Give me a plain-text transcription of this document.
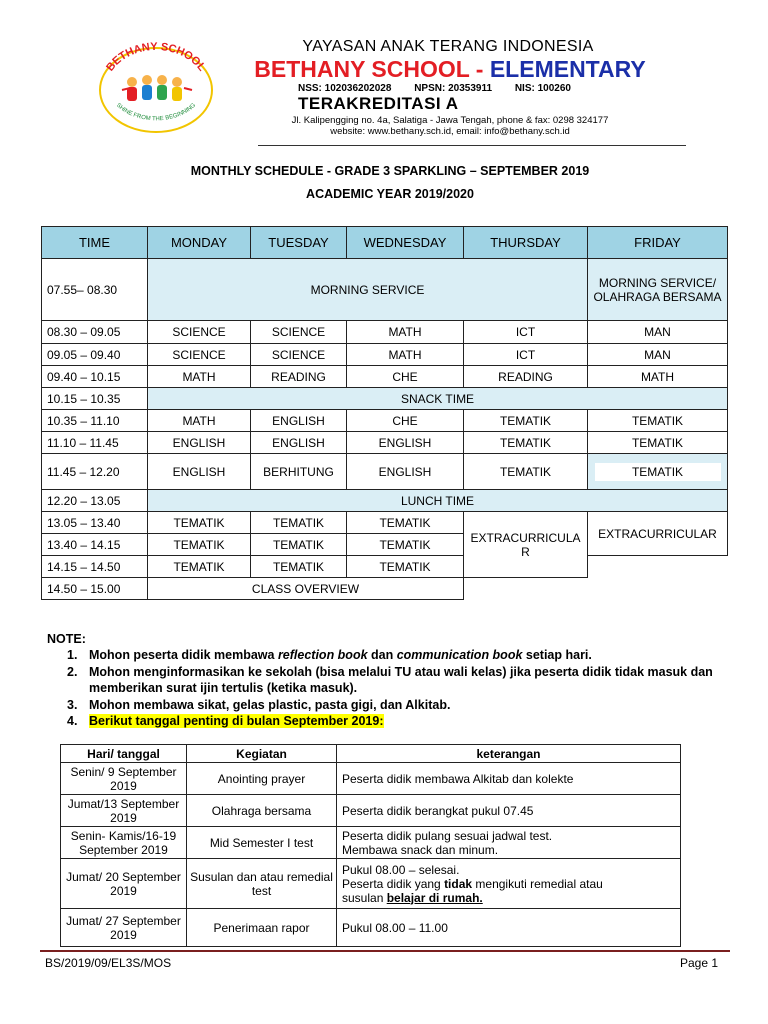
BETHANY SCHOOL
SHINE FROM THE BEGINNING
YAYASAN ANAK TERANG INDONESIA
BETHANY SCHOOL - ELEMENTARY
NSS: 102036202028 NPSN: 20353911 NIS: 100260
TERAKREDITASI A
Jl. Kalipengging no. 4a, Salatiga - Jawa Tengah, phone & fax: 0298 324177
website: www.bethany.sch.id, email: info@bethany.sch.id
MONTHLY SCHEDULE - GRADE 3 SPARKLING – SEPTEMBER 2019
ACADEMIC YEAR 2019/2020
TIME	MONDAY	TUESDAY	WEDNESDAY	THURSDAY	FRIDAY
07.55– 08.30	MORNING SERVICE				MORNING SERVICE/ OLAHRAGA BERSAMA
08.30 – 09.05	SCIENCE	SCIENCE	MATH	ICT	MAN
09.05 – 09.40	SCIENCE	SCIENCE	MATH	ICT	MAN
09.40 – 10.15	MATH	READING	CHE	READING	MATH
10.15 – 10.35	SNACK TIME				
10.35 – 11.10	MATH	ENGLISH	CHE	TEMATIK	TEMATIK
11.10 – 11.45	ENGLISH	ENGLISH	ENGLISH	TEMATIK	TEMATIK
11.45 – 12.20	ENGLISH	BERHITUNG	ENGLISH	TEMATIK	TEMATIK
12.20 – 13.05	LUNCH TIME				
13.05 – 13.40	TEMATIK	TEMATIK	TEMATIK	EXTRACURRICULAR	EXTRACURRICULAR
13.40 – 14.15	TEMATIK	TEMATIK	TEMATIK		
14.15 – 14.50	TEMATIK	TEMATIK	TEMATIK		
14.50 – 15.00	CLASS OVERVIEW				
NOTE:
1. Mohon peserta didik membawa reflection book dan communication book setiap hari.
2. Mohon menginformasikan ke sekolah (bisa melalui TU atau wali kelas) jika peserta didik tidak masuk dan memberikan surat ijin tertulis (ketika masuk).
3. Mohon membawa sikat, gelas plastic, pasta gigi, dan Alkitab.
4. Berikut tanggal penting di bulan September 2019:
Hari/ tanggal	Kegiatan	keterangan
Senin/ 9 September 2019	Anointing prayer	Peserta didik membawa Alkitab dan kolekte
Jumat/13 September 2019	Olahraga bersama	Peserta didik berangkat pukul 07.45
Senin- Kamis/16-19 September 2019	Mid Semester I test	Peserta didik pulang sesuai jadwal test.
Membawa snack dan minum.

Jumat/ 20 September 2019	Susulan dan atau remedial test	Pukul 08.00 – selesai.
Peserta didik yang tidak mengikuti remedial atau
susulan belajar di rumah.

Jumat/ 27 September 2019	Penerimaan rapor	Pukul 08.00 – 11.00
BS/2019/09/EL3S/MOS	Page 1
